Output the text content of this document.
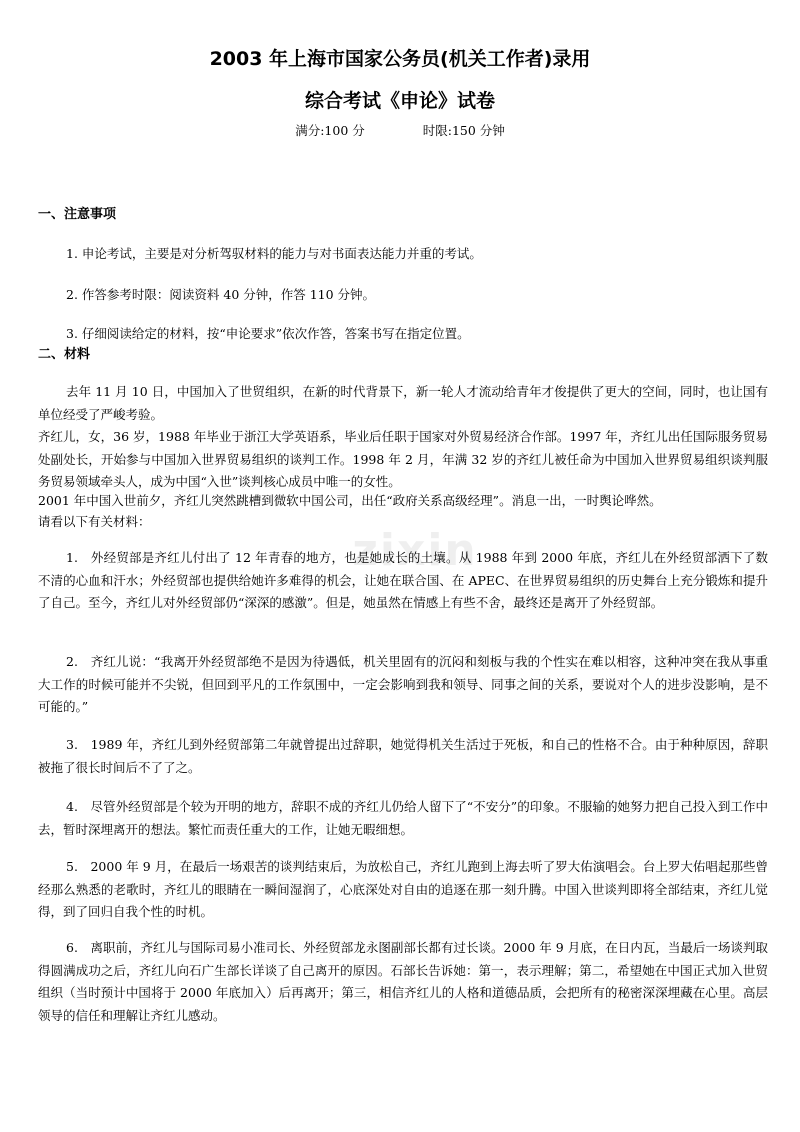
zixin
2003 年上海市国家公务员(机关工作者)录用
综合考试《申论》试卷
满分:100 分	时限:150 分钟
一、注意事项
1. 申论考试，主要是对分析驾驭材料的能力与对书面表达能力并重的考试。
2. 作答参考时限：阅读资料 40 分钟，作答 110 分钟。
3. 仔细阅读给定的材料，按“申论要求”依次作答，答案书写在指定位置。
二、材料
去年 11 月 10 日，中国加入了世贸组织，在新的时代背景下，新一轮人才流动给青年才俊提供了更大的空间，同时，也让国有单位经受了严峻考验。
齐红儿，女，36 岁，1988 年毕业于浙江大学英语系，毕业后任职于国家对外贸易经济合作部。1997 年，齐红儿出任国际服务贸易处副处长，开始参与中国加入世界贸易组织的谈判工作。1998 年 2 月，年满 32 岁的齐红儿被任命为中国加入世界贸易组织谈判服务贸易领域牵头人，成为中国“入世”谈判核心成员中唯一的女性。
2001 年中国入世前夕，齐红儿突然跳槽到微软中国公司，出任“政府关系高级经理”。消息一出，一时舆论哗然。
请看以下有关材料：
1.　外经贸部是齐红儿付出了 12 年青春的地方，也是她成长的土壤。从 1988 年到 2000 年底，齐红儿在外经贸部洒下了数不清的心血和汗水；外经贸部也提供给她许多难得的机会，让她在联合国、在 APEC、在世界贸易组织的历史舞台上充分锻炼和提升了自己。至今，齐红儿对外经贸部仍“深深的感激”。但是，她虽然在情感上有些不舍，最终还是离开了外经贸部。
2.　齐红儿说：“我离开外经贸部绝不是因为待遇低，机关里固有的沉闷和刻板与我的个性实在难以相容，这种冲突在我从事重大工作的时候可能并不尖锐，但回到平凡的工作氛围中，一定会影响到我和领导、同事之间的关系，要说对个人的进步没影响，是不可能的。”
3.　1989 年，齐红儿到外经贸部第二年就曾提出过辞职，她觉得机关生活过于死板，和自己的性格不合。由于种种原因，辞职被拖了很长时间后不了了之。
4.　尽管外经贸部是个较为开明的地方，辞职不成的齐红儿仍给人留下了“不安分”的印象。不服输的她努力把自己投入到工作中去，暂时深埋离开的想法。繁忙而责任重大的工作，让她无暇细想。
5.　2000 年 9 月，在最后一场艰苦的谈判结束后，为放松自己，齐红儿跑到上海去听了罗大佑演唱会。台上罗大佑唱起那些曾经那么熟悉的老歌时，齐红儿的眼睛在一瞬间湿润了，心底深处对自由的追逐在那一刻升腾。中国入世谈判即将全部结束，齐红儿觉得，到了回归自我个性的时机。
6.　离职前，齐红儿与国际司易小准司长、外经贸部龙永图副部长都有过长谈。2000 年 9 月底，在日内瓦，当最后一场谈判取得圆满成功之后，齐红儿向石广生部长详谈了自己离开的原因。石部长告诉她：第一，表示理解；第二，希望她在中国正式加入世贸组织（当时预计中国将于 2000 年底加入）后再离开；第三，相信齐红儿的人格和道德品质，会把所有的秘密深深埋藏在心里。高层领导的信任和理解让齐红儿感动。
